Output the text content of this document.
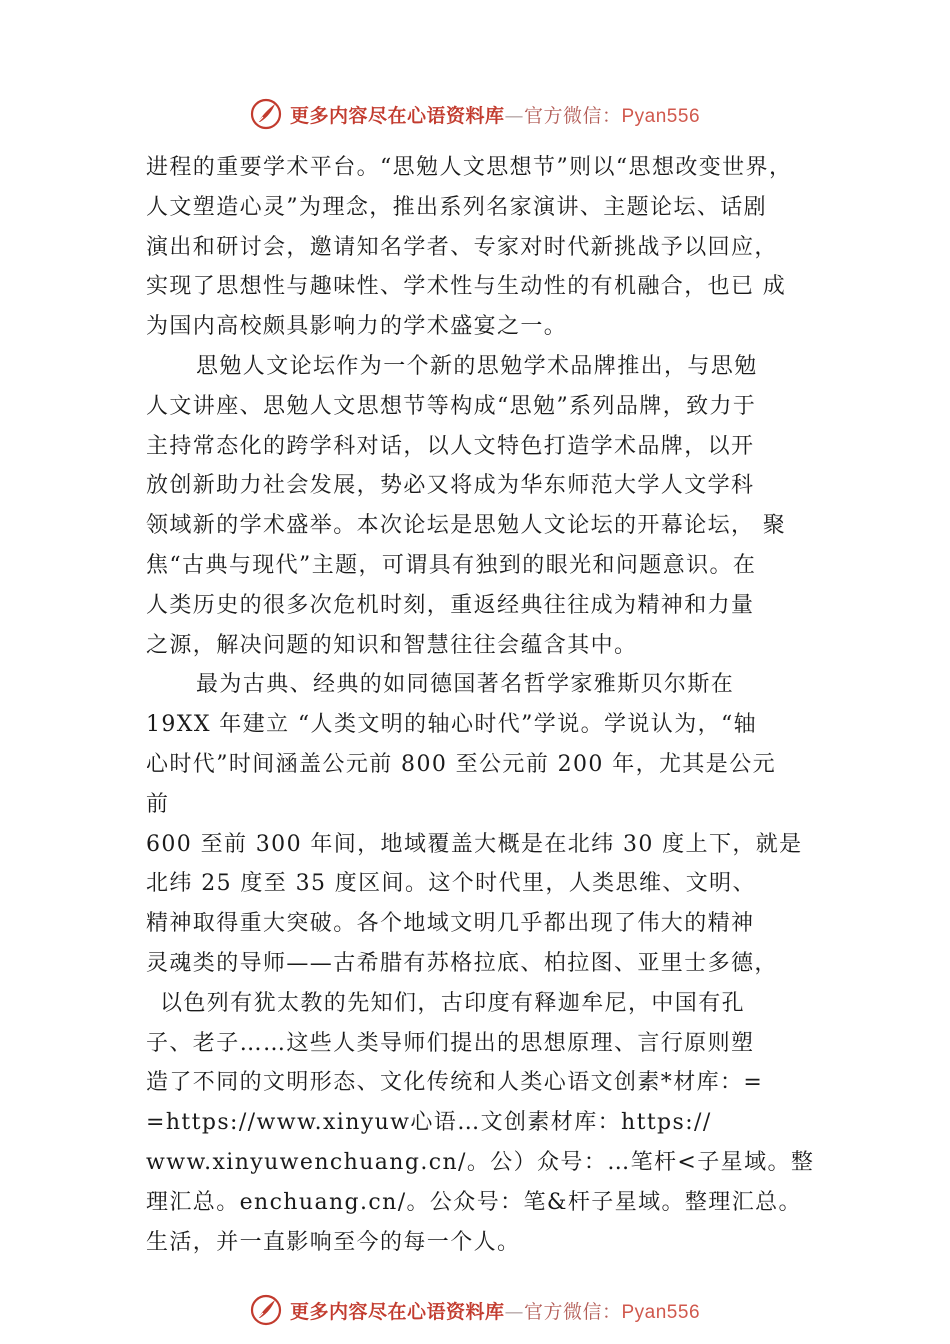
更多内容尽在心语资料库—官方微信：Pyan556
进程的重要学术平台。“思勉人文思想节”则以“思想改变世界，
人文塑造心灵”为理念，推出系列名家演讲、主题论坛、话剧
演出和研讨会，邀请知名学者、专家对时代新挑战予以回应，
实现了思想性与趣味性、学术性与生动性的有机融合，也已 成
为国内高校颇具影响力的学术盛宴之一。
思勉人文论坛作为一个新的思勉学术品牌推出，与思勉
人文讲座、思勉人文思想节等构成“思勉”系列品牌，致力于
主持常态化的跨学科对话，以人文特色打造学术品牌，以开
放创新助力社会发展，势必又将成为华东师范大学人文学科
领域新的学术盛举。本次论坛是思勉人文论坛的开幕论坛， 聚
焦“古典与现代”主题，可谓具有独到的眼光和问题意识。在
人类历史的很多次危机时刻，重返经典往往成为精神和力量
之源，解决问题的知识和智慧往往会蕴含其中。
最为古典、经典的如同德国著名哲学家雅斯贝尔斯在
19XX 年建立 “人类文明的轴心时代”学说。学说认为，“轴
心时代”时间涵盖公元前 800 至公元前 200 年，尤其是公元
前
600 至前 300 年间，地域覆盖大概是在北纬 30 度上下，就是
北纬 25 度至 35 度区间。这个时代里，人类思维、文明、
精神取得重大突破。各个地域文明几乎都出现了伟大的精神
灵魂类的导师——古希腊有苏格拉底、柏拉图、亚里士多德，
以色列有犹太教的先知们，古印度有释迦牟尼，中国有孔
子、老子……这些人类导师们提出的思想原理、言行原则塑
造了不同的文明形态、文化传统和人类心语文创素*材库：=
=https://www.xinyuw心语…文创素材库：https://
www.xinyuwenchuang.cn/。公）众号：…笔杆<子星域。整
理汇总。enchuang.cn/。公众号：笔&杆子星域。整理汇总。
生活，并一直影响至今的每一个人。
更多内容尽在心语资料库—官方微信：Pyan556
